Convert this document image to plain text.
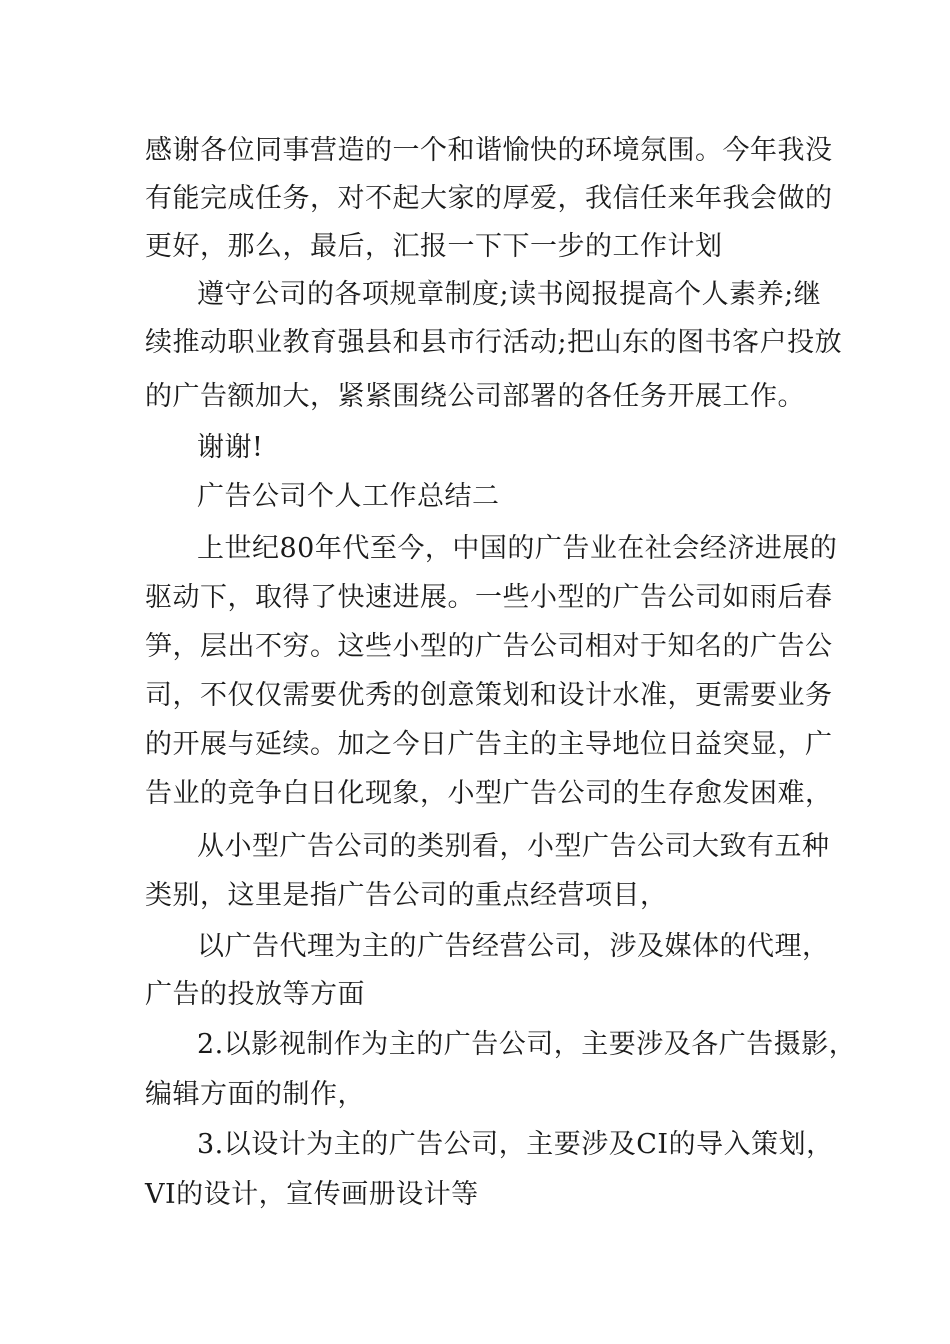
感谢各位同事营造的一个和谐愉快的环境氛围。今年我没
有能完成任务，对不起大家的厚爱，我信任来年我会做的
更好，那么，最后，汇报一下下一步的工作计划
遵守公司的各项规章制度;读书阅报提高个人素养;继
续推动职业教育强县和县市行活动;把山东的图书客户投放
的广告额加大，紧紧围绕公司部署的各任务开展工作。
谢谢!
广告公司个人工作总结二
上世纪80年代至今，中国的广告业在社会经济进展的
驱动下，取得了快速进展。一些小型的广告公司如雨后春
笋，层出不穷。这些小型的广告公司相对于知名的广告公
司，不仅仅需要优秀的创意策划和设计水准，更需要业务
的开展与延续。加之今日广告主的主导地位日益突显，广
告业的竞争白日化现象，小型广告公司的生存愈发困难，
从小型广告公司的类别看，小型广告公司大致有五种
类别，这里是指广告公司的重点经营项目，
以广告代理为主的广告经营公司，涉及媒体的代理，
广告的投放等方面
2.以影视制作为主的广告公司，主要涉及各广告摄影，
编辑方面的制作，
3.以设计为主的广告公司，主要涉及CI的导入策划，
VI的设计，宣传画册设计等
